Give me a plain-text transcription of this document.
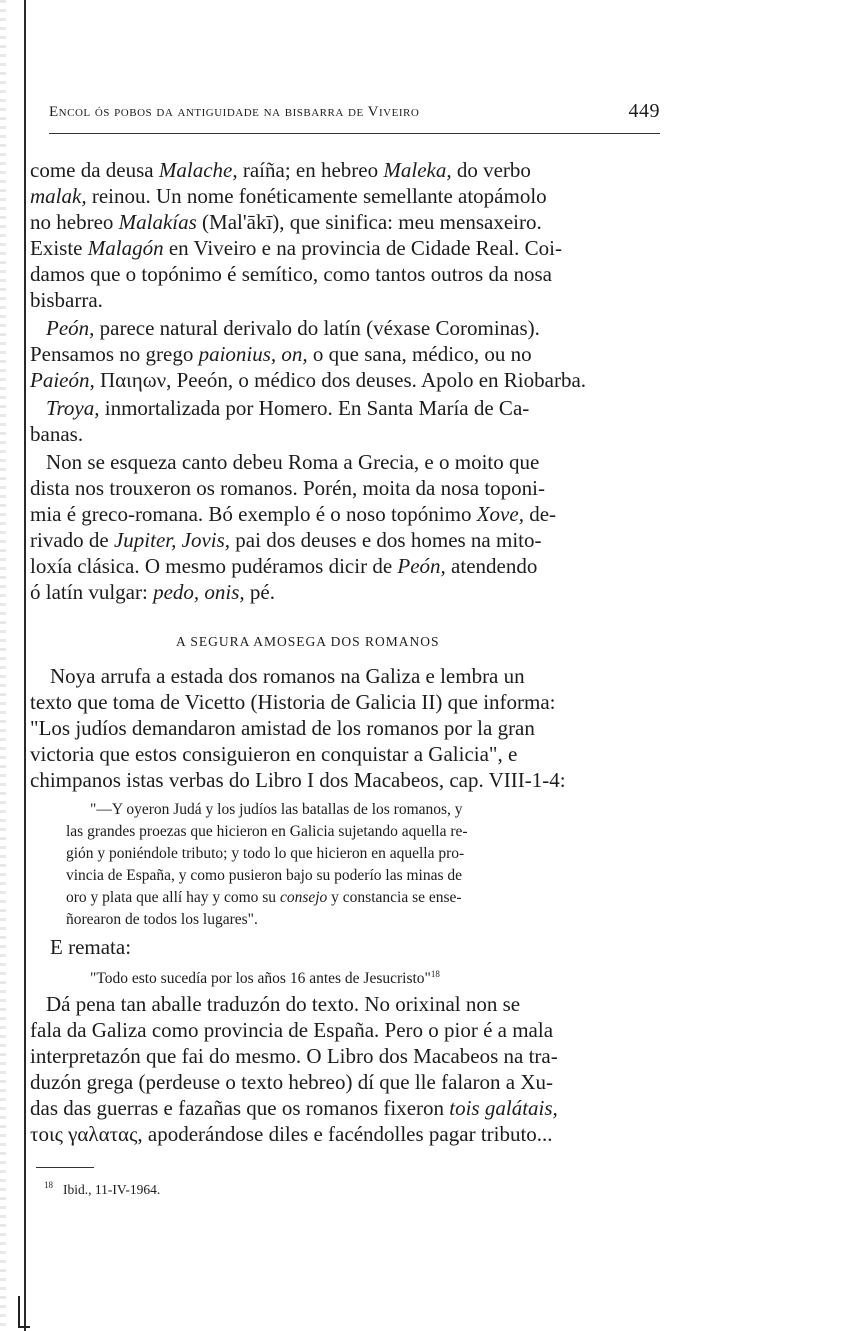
Encol ós pobos da antiguidade na bisbarra de Viveiro	449
come da deusa Malache, raíña; en hebreo Maleka, do verbo
malak, reinou. Un nome fonéticamente semellante atopámolo
no hebreo Malakías (Mal'ākī), que sinifica: meu mensaxeiro.
Existe Malagón en Viveiro e na provincia de Cidade Real. Coi-
damos que o topónimo é semítico, como tantos outros da nosa
bisbarra.
Peón, parece natural derivalo do latín (véxase Corominas).
Pensamos no grego paionius, on, o que sana, médico, ou no
Paieón, Παιηων, Peeón, o médico dos deuses. Apolo en Riobarba.
Troya, inmortalizada por Homero. En Santa María de Ca-
banas.
Non se esqueza canto debeu Roma a Grecia, e o moito que
dista nos trouxeron os romanos. Porén, moita da nosa toponi-
mia é greco-romana. Bó exemplo é o noso topónimo Xove, de-
rivado de Jupiter, Jovis, pai dos deuses e dos homes na mito-
loxía clásica. O mesmo pudéramos dicir de Peón, atendendo
ó latín vulgar: pedo, onis, pé.
A SEGURA AMOSEGA DOS ROMANOS
Noya arrufa a estada dos romanos na Galiza e lembra un
texto que toma de Vicetto (Historia de Galicia II) que informa:
"Los judíos demandaron amistad de los romanos por la gran
victoria que estos consiguieron en conquistar a Galicia", e
chimpanos istas verbas do Libro I dos Macabeos, cap. VIII-1-4:
"—Y oyeron Judá y los judíos las batallas de los romanos, y
las grandes proezas que hicieron en Galicia sujetando aquella re-
gión y poniéndole tributo; y todo lo que hicieron en aquella pro-
vincia de España, y como pusieron bajo su poderío las minas de
oro y plata que allí hay y como su consejo y constancia se ense-
ñorearon de todos los lugares".
E remata:
"Todo esto sucedía por los años 16 antes de Jesucristo"$^{18}$
Dá pena tan aballe traduzón do texto. No orixinal non se
fala da Galiza como provincia de España. Pero o pior é a mala
interpretazón que fai do mesmo. O Libro dos Macabeos na tra-
duzón grega (perdeuse o texto hebreo) dí que lle falaron a Xu-
das das guerras e fazañas que os romanos fixeron tois galátais,
τοις γαλατας, apoderándose diles e facéndolles pagar tributo...
$^{18}$ Ibid., 11-IV-1964.
